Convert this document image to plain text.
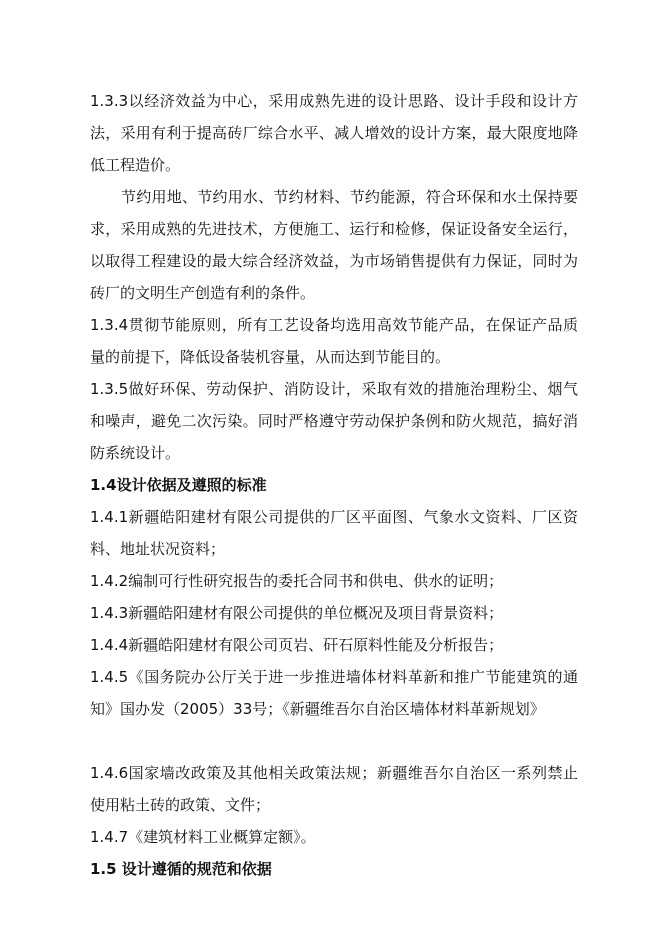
1.3.3以经济效益为中心，采用成熟先进的设计思路、设计手段和设计方法，采用有利于提高砖厂综合水平、减人增效的设计方案，最大限度地降低工程造价。

节约用地、节约用水、节约材料、节约能源，符合环保和水土保持要求，采用成熟的先进技术，方便施工、运行和检修，保证设备安全运行，以取得工程建设的最大综合经济效益，为市场销售提供有力保证，同时为砖厂的文明生产创造有利的条件。

1.3.4贯彻节能原则，所有工艺设备均选用高效节能产品，在保证产品质量的前提下，降低设备装机容量，从而达到节能目的。

1.3.5做好环保、劳动保护、消防设计，采取有效的措施治理粉尘、烟气和噪声，避免二次污染。同时严格遵守劳动保护条例和防火规范，搞好消防系统设计。

1.4设计依据及遵照的标准

1.4.1新疆皓阳建材有限公司提供的厂区平面图、气象水文资料、厂区资料、地址状况资料；

1.4.2编制可行性研究报告的委托合同书和供电、供水的证明；

1.4.3新疆皓阳建材有限公司提供的单位概况及项目背景资料；

1.4.4新疆皓阳建材有限公司页岩、矸石原料性能及分析报告；

1.4.5《国务院办公厅关于进一步推进墙体材料革新和推广节能建筑的通知》国办发（2005）33号；《新疆维吾尔自治区墙体材料革新规划》

1.4.6国家墙改政策及其他相关政策法规；新疆维吾尔自治区一系列禁止使用粘土砖的政策、文件；

1.4.7《建筑材料工业概算定额》。

1.5 设计遵循的规范和依据
